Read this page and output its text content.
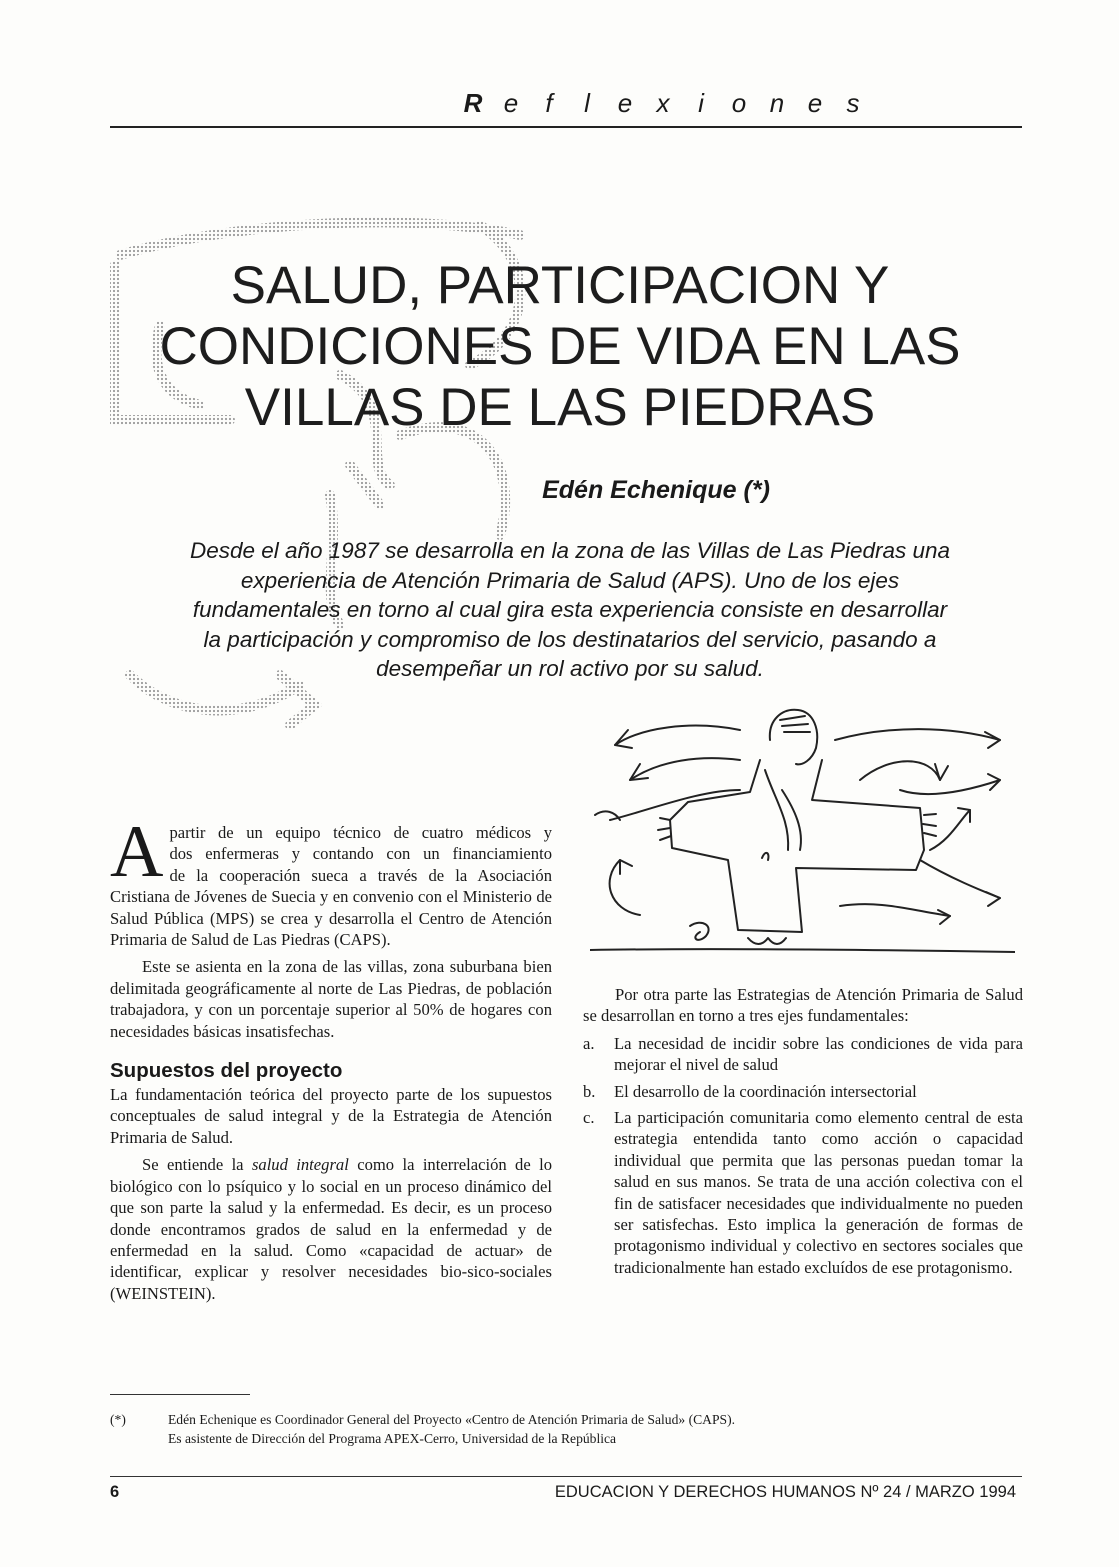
R e f l e x i o n e s
SALUD, PARTICIPACION Y
CONDICIONES DE VIDA EN LAS
VILLAS DE LAS PIEDRAS
Edén Echenique (*)

Desde el año 1987 se desarrolla en la zona de las Villas de Las Piedras una
experiencia de Atención Primaria de Salud (APS). Uno de los ejes
fundamentales en torno al cual gira esta experiencia consiste en desarrollar
la participación y compromiso de los destinatarios del servicio, pasando a
desempeñar un rol activo por su salud.

A partir de un equipo técnico de cuatro médicos y
dos enfermeras y contando con un financiamiento
de la cooperación sueca a través de la Asociación

Cristiana de Jóvenes de Suecia y en convenio con el Ministerio de Salud Pública (MPS) se crea y desarrolla el Centro de Atención Primaria de Salud de Las Piedras (CAPS).

Este se asienta en la zona de las villas, zona suburbana bien delimitada geográficamente al norte de Las Piedras, de población trabajadora, y con un porcentaje superior al 50% de hogares con necesidades básicas insatisfechas.

Supuestos del proyecto

La fundamentación teórica del proyecto parte de los supuestos conceptuales de salud integral y de la Estrategia de Atención Primaria de Salud.

Se entiende la salud integral como la interrelación de lo biológico con lo psíquico y lo social en un proceso dinámico del que son parte la salud y la enfermedad. Es decir, es un proceso donde encontramos grados de salud en la enfermedad y de enfermedad en la salud. Como «capacidad de actuar» de identificar, explicar y resolver necesidades bio-sico-sociales (WEINSTEIN).

Por otra parte las Estrategias de Atención Primaria de Salud se desarrollan en torno a tres ejes fundamentales:

a.	La necesidad de incidir sobre las condiciones de vida para mejorar el nivel de salud
b.	El desarrollo de la coordinación intersectorial
c.	La participación comunitaria como elemento central de esta estrategia entendida tanto como acción o capacidad individual que permita que las personas puedan tomar la salud en sus manos. Se trata de una acción colectiva con el fin de satisfacer necesidades que individualmente no pueden ser satisfechas. Esto implica la generación de formas de protagonismo individual y colectivo en sectores sociales que tradicionalmente han estado excluídos de ese protagonismo.
(*)	Edén Echenique es Coordinador General del Proyecto «Centro de Atención Primaria de Salud» (CAPS).
Es asistente de Dirección del Programa APEX-Cerro, Universidad de la República
6	EDUCACION Y DERECHOS HUMANOS Nº 24 / MARZO 1994
